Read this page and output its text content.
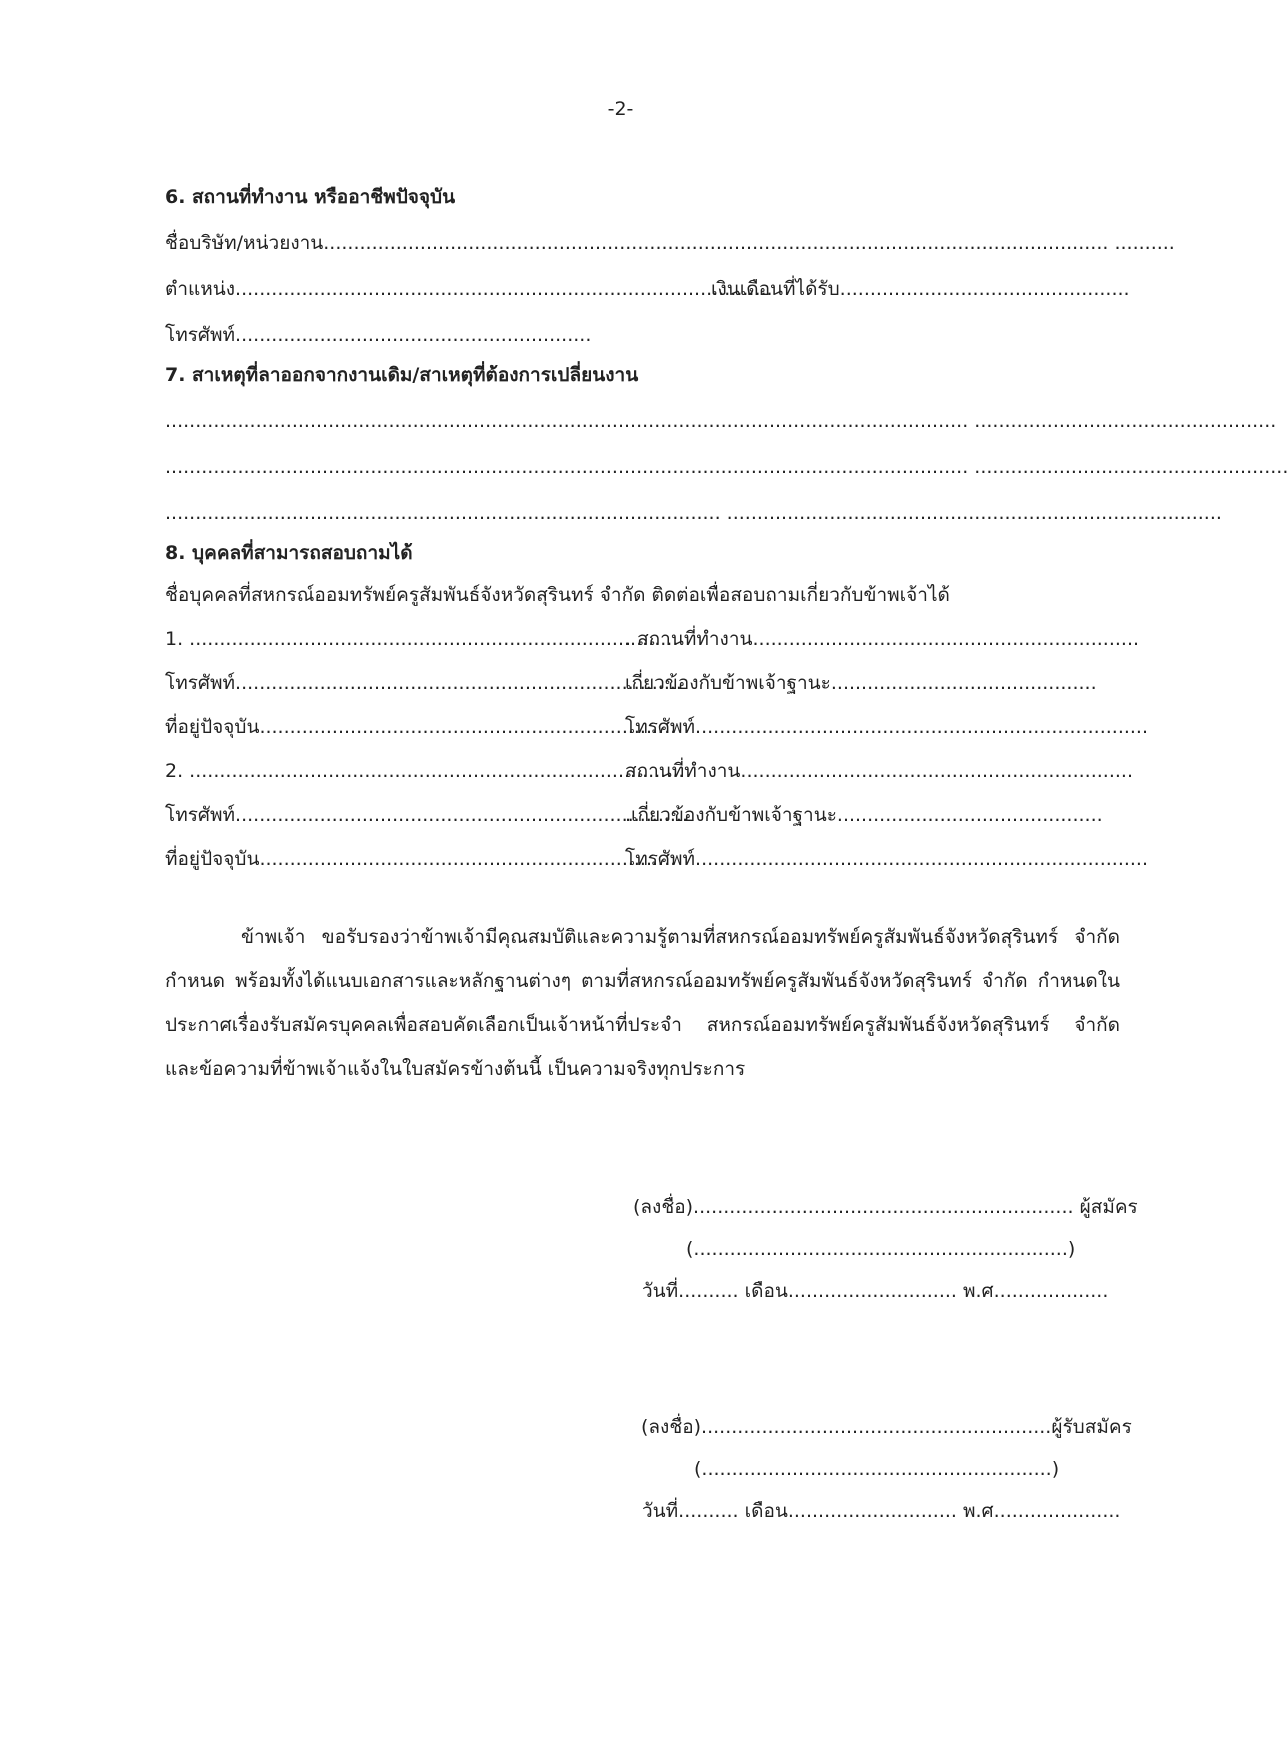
-2-
6. สถานที่ทำงาน หรืออาชีพปัจจุบัน
ชื่อบริษัท/หน่วยงาน.................................................................................................................................. ..........
ตำแหน่ง.........................................................................................
เงินเดือนที่ได้รับ................................................
โทรศัพท์...........................................................
7. สาเหตุที่ลาออกจากงานเดิม/สาเหตุที่ต้องการเปลี่ยนงาน
..................................................................................................................................... ..................................................
..................................................................................................................................... ....................................................
............................................................................................ ..................................................................................
8. บุคคลที่สามารถสอบถามได้
ชื่อบุคคลที่สหกรณ์ออมทรัพย์ครูสัมพันธ์จังหวัดสุรินทร์ จำกัด ติดต่อเพื่อสอบถามเกี่ยวกับข้าพเจ้าได้
1. .................................................................................
. สถานที่ทำงาน................................................................
โทรศัพท์..........................................................................
เกี่ยวข้องกับข้าพเจ้าฐานะ............................................
ที่อยู่ปัจจุบัน.....................................................................
โทรศัพท์...........................................................................
2. ..................................................................................
สถานที่ทำงาน.................................................................
โทรศัพท์...........................................................................
.เกี่ยวข้องกับข้าพเจ้าฐานะ............................................
ที่อยู่ปัจจุบัน.....................................................................
โทรศัพท์...........................................................................

ข้าพเจ้า ขอรับรองว่าข้าพเจ้ามีคุณสมบัติและความรู้ตามที่สหกรณ์ออมทรัพย์ครูสัมพันธ์จังหวัดสุรินทร์ จำกัด กำหนด พร้อมทั้งได้แนบเอกสารและหลักฐานต่างๆ ตามที่สหกรณ์ออมทรัพย์ครูสัมพันธ์จังหวัดสุรินทร์ จำกัด กำหนดในประกาศเรื่องรับสมัครบุคคลเพื่อสอบคัดเลือกเป็นเจ้าหน้าที่ประจำ สหกรณ์ออมทรัพย์ครูสัมพันธ์จังหวัดสุรินทร์ จำกัด และข้อความที่ข้าพเจ้าแจ้งในใบสมัครข้างต้นนี้ เป็นความจริงทุกประการ

(ลงชื่อ)............................................................... ผู้สมัคร
(..............................................................)
วันที่.......... เดือน............................ พ.ศ...................
(ลงชื่อ)..........................................................ผู้รับสมัคร
(..........................................................)
วันที่.......... เดือน............................ พ.ศ.....................
